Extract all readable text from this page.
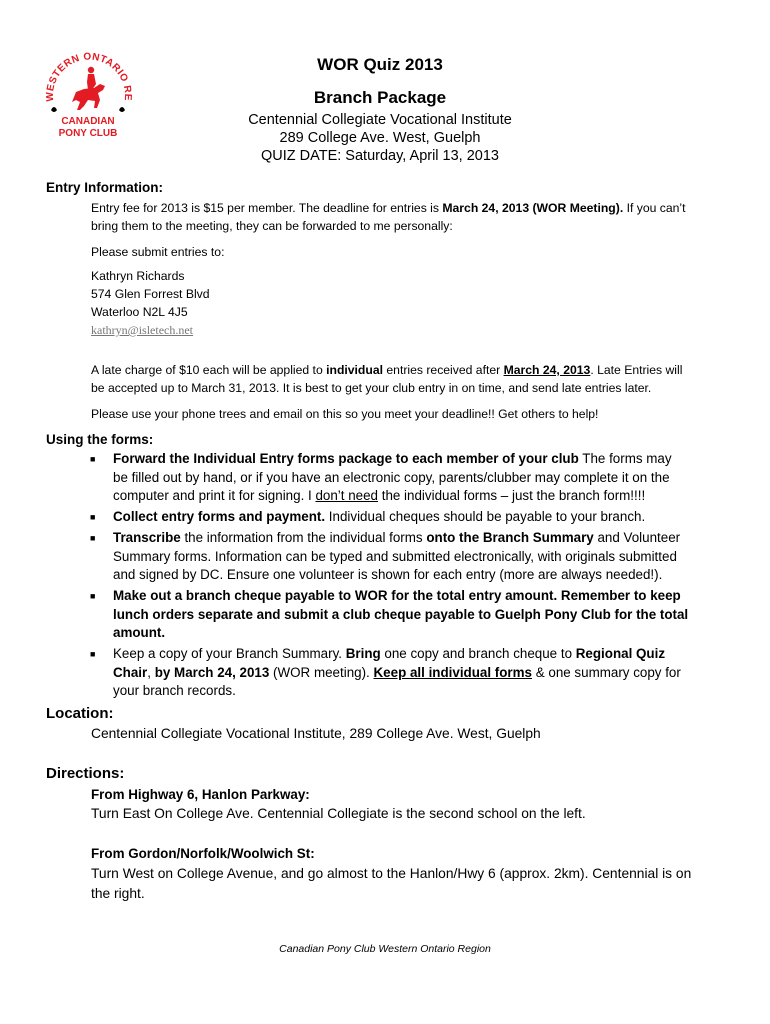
WESTERN ONTARIO RE
CANADIAN
PONY CLUB
WOR Quiz 2013
Branch Package
Centennial Collegiate Vocational Institute
289 College Ave. West, Guelph
QUIZ DATE: Saturday, April 13, 2013
Entry Information:
Entry fee for 2013 is $15 per member. The deadline for entries is March 24, 2013 (WOR Meeting). If you can’t
bring them to the meeting, they can be forwarded to me personally:
Please submit entries to:
Kathryn Richards
574 Glen Forrest Blvd
Waterloo N2L 4J5
kathryn@isletech.net
A late charge of $10 each will be applied to individual entries received after March 24, 2013. Late Entries will
be accepted up to March 31, 2013. It is best to get your club entry in on time, and send late entries later.
Please use your phone trees and email on this so you meet your deadline!! Get others to help!
Using the forms:
■ Forward the Individual Entry forms package to each member of your club The forms may
be filled out by hand, or if you have an electronic copy, parents/clubber may complete it on the
computer and print it for signing. I don’t need the individual forms – just the branch form!!!!
■ Collect entry forms and payment. Individual cheques should be payable to your branch.
■ Transcribe the information from the individual forms onto the Branch Summary and Volunteer
Summary forms. Information can be typed and submitted electronically, with originals submitted
and signed by DC. Ensure one volunteer is shown for each entry (more are always needed!).
■ Make out a branch cheque payable to WOR for the total entry amount. Remember to keep
lunch orders separate and submit a club cheque payable to Guelph Pony Club for the total
amount.
■ Keep a copy of your Branch Summary. Bring one copy and branch cheque to Regional Quiz
Chair, by March 24, 2013 (WOR meeting). Keep all individual forms & one summary copy for
your branch records.
Location:
Centennial Collegiate Vocational Institute, 289 College Ave. West, Guelph
Directions:
From Highway 6, Hanlon Parkway:
Turn East On College Ave. Centennial Collegiate is the second school on the left.
From Gordon/Norfolk/Woolwich St:
Turn West on College Avenue, and go almost to the Hanlon/Hwy 6 (approx. 2km). Centennial is on
the right.
Canadian Pony Club Western Ontario Region
